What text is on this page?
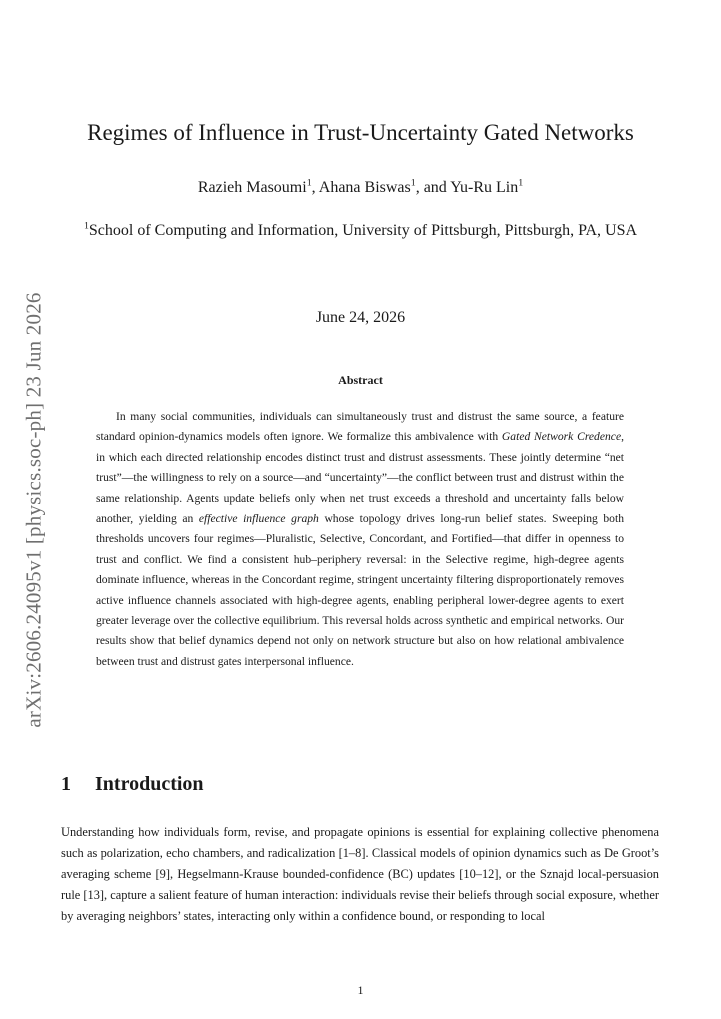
arXiv:2606.24095v1 [physics.soc-ph] 23 Jun 2026
Regimes of Influence in Trust-Uncertainty Gated Networks
Razieh Masoumi$^1$, Ahana Biswas$^1$, and Yu-Ru Lin$^1$
$^1$School of Computing and Information, University of Pittsburgh, Pittsburgh, PA, USA
June 24, 2026
Abstract

In many social communities, individuals can simultaneously trust and distrust the same source, a feature standard opinion-dynamics models often ignore. We formalize this ambivalence with Gated Network Credence, in which each directed relationship encodes distinct trust and distrust assessments. These jointly determine “net trust”—the willingness to rely on a source—and “uncertainty”—the conflict between trust and distrust within the same relationship. Agents update beliefs only when net trust exceeds a threshold and uncertainty falls below another, yielding an effective influence graph whose topology drives long-run belief states. Sweeping both thresholds uncovers four regimes—Pluralistic, Selective, Concordant, and Fortified—that differ in openness to trust and conflict. We find a consistent hub–periphery reversal: in the Selective regime, high-degree agents dominate influence, whereas in the Concordant regime, stringent uncertainty filtering disproportionately removes active influence channels associated with high-degree agents, enabling peripheral lower-degree agents to exert greater leverage over the collective equilibrium. This reversal holds across synthetic and empirical networks. Our results show that belief dynamics depend not only on network structure but also on how relational ambivalence between trust and distrust gates interpersonal influence.

1 Introduction

Understanding how individuals form, revise, and propagate opinions is essential for explaining collective phenomena such as polarization, echo chambers, and radicalization [1–8]. Classical models of opinion dynamics such as De Groot’s averaging scheme [9], Hegselmann-Krause bounded-confidence (BC) updates [10–12], or the Sznajd local-persuasion rule [13], capture a salient feature of human interaction: individuals revise their beliefs through social exposure, whether by averaging neighbors’ states, interacting only within a confidence bound, or responding to local

1
